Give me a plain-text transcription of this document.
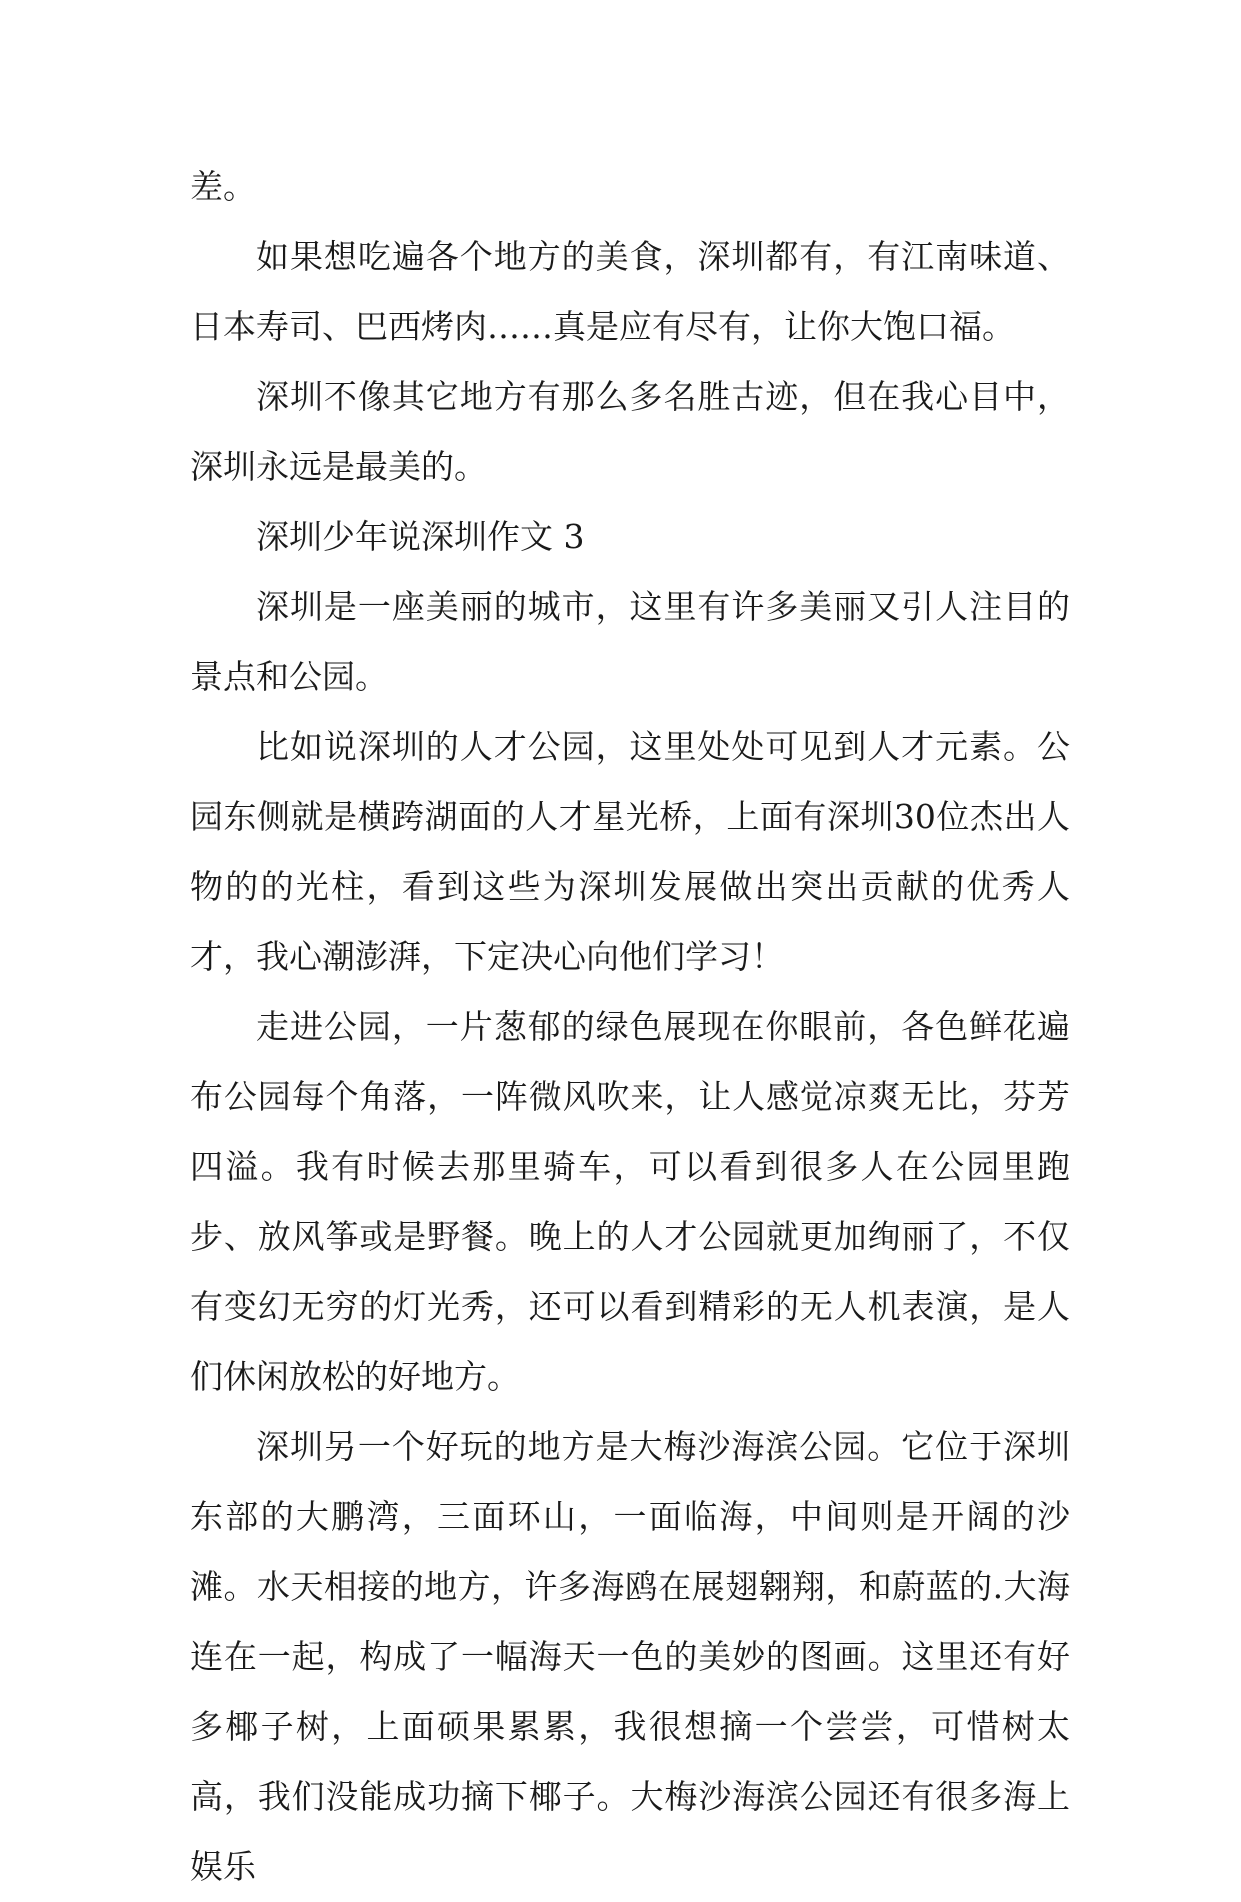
差。

如果想吃遍各个地方的美食，深圳都有，有江南味道、日本寿司、巴西烤肉……真是应有尽有，让你大饱口福。

深圳不像其它地方有那么多名胜古迹，但在我心目中，深圳永远是最美的。

深圳少年说深圳作文 3

深圳是一座美丽的城市，这里有许多美丽又引人注目的景点和公园。

比如说深圳的人才公园，这里处处可见到人才元素。公园东侧就是横跨湖面的人才星光桥，上面有深圳30位杰出人物的的光柱，看到这些为深圳发展做出突出贡献的优秀人才，我心潮澎湃，下定决心向他们学习！

走进公园，一片葱郁的绿色展现在你眼前，各色鲜花遍布公园每个角落，一阵微风吹来，让人感觉凉爽无比，芬芳四溢。我有时候去那里骑车，可以看到很多人在公园里跑步、放风筝或是野餐。晚上的人才公园就更加绚丽了，不仅有变幻无穷的灯光秀，还可以看到精彩的无人机表演，是人们休闲放松的好地方。

深圳另一个好玩的地方是大梅沙海滨公园。它位于深圳东部的大鹏湾，三面环山，一面临海，中间则是开阔的沙滩。水天相接的地方，许多海鸥在展翅翱翔，和蔚蓝的.大海连在一起，构成了一幅海天一色的美妙的图画。这里还有好多椰子树，上面硕果累累，我很想摘一个尝尝，可惜树太高，我们没能成功摘下椰子。大梅沙海滨公园还有很多海上娱乐
